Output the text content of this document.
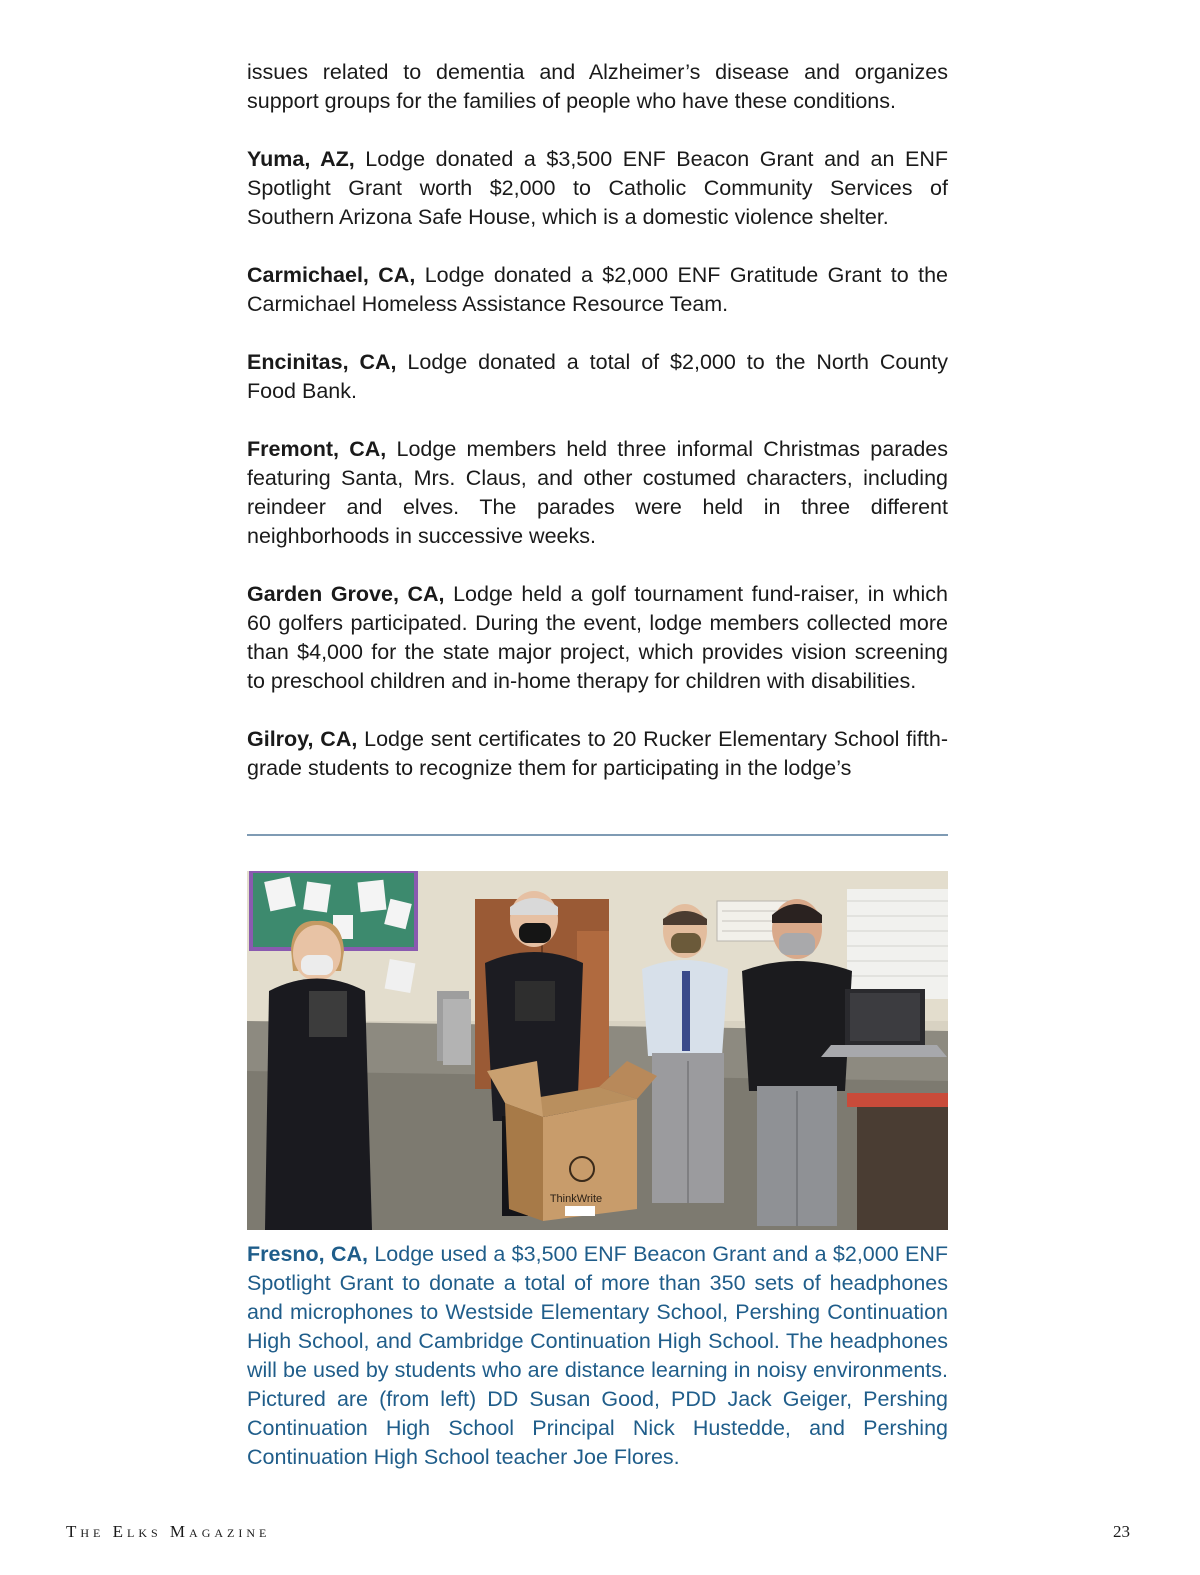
issues related to dementia and Alzheimer’s disease and organizes support groups for the families of people who have these conditions.

Yuma, AZ, Lodge donated a $3,500 ENF Beacon Grant and an ENF Spotlight Grant worth $2,000 to Catholic Community Services of Southern Arizona Safe House, which is a domestic violence shelter.

Carmichael, CA, Lodge donated a $2,000 ENF Gratitude Grant to the Carmichael Homeless Assistance Resource Team.

Encinitas, CA, Lodge donated a total of $2,000 to the North County Food Bank.

Fremont, CA, Lodge members held three informal Christmas parades featuring Santa, Mrs. Claus, and other costumed characters, including reindeer and elves. The parades were held in three different neighborhoods in successive weeks.

Garden Grove, CA, Lodge held a golf tournament fund-raiser, in which 60 golfers participated. During the event, lodge members collected more than $4,000 for the state major project, which provides vision screening to preschool children and in-home therapy for children with disabilities.

Gilroy, CA, Lodge sent certificates to 20 Rucker Elementary School fifth-grade students to recognize them for participating in the lodge’s

ThinkWrite

Fresno, CA, Lodge used a $3,500 ENF Beacon Grant and a $2,000 ENF Spotlight Grant to donate a total of more than 350 sets of headphones and microphones to Westside Elementary School, Pershing Continuation High School, and Cambridge Continuation High School. The headphones will be used by students who are distance learning in noisy environments. Pictured are (from left) DD Susan Good, PDD Jack Geiger, Pershing Continuation High School Principal Nick Hustedde, and Pershing Continuation High School teacher Joe Flores.

The Elks Magazine	23
